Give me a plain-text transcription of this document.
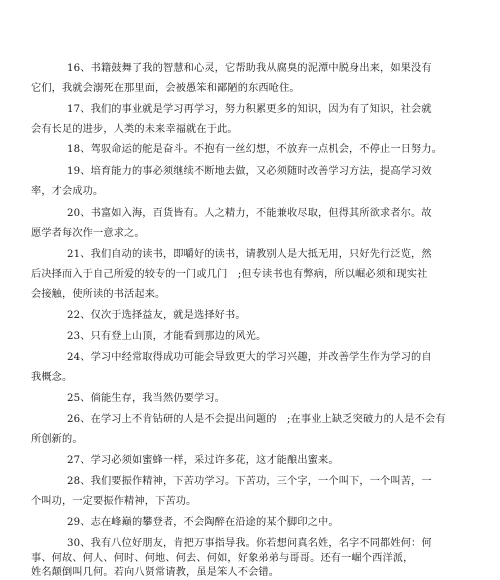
16、书籍鼓舞了我的智慧和心灵，它帮助我从腐臭的泥潭中脱身出来，如果没有
它们，我就会溺死在那里面，会被愚笨和鄙陋的东西呛住。
17、我们的事业就是学习再学习，努力积累更多的知识，因为有了知识，社会就
会有长足的进步，人类的未来幸福就在于此。
18、驾驭命运的舵是奋斗。不抱有一丝幻想，不放弃一点机会，不停止一日努力。
19、培育能力的事必须继续不断地去做，又必须随时改善学习方法，提高学习效
率，才会成功。
20、书富如入海，百货皆有。人之精力，不能兼收尽取，但得其所欲求者尔。故
愿学者每次作一意求之。
21、我们自动的读书，即嚼好的读书，请教别人是大抵无用，只好先行泛览，然
后决择而入于自己所爱的较专的一门或几门　;但专读书也有弊病，所以崛必须和现实社
会接触，使所读的书活起来。
22、仅次于选择益友，就是选择好书。
23、只有登上山顶，才能看到那边的风光。
24、学习中经常取得成功可能会导致更大的学习兴趣，并改善学生作为学习的自
我概念。
25、倘能生存，我当然仍要学习。
26、在学习上不肯钻研的人是不会提出问题的　;在事业上缺乏突破力的人是不会有
所创新的。
27、学习必须如蜜蜂一样，采过许多花，这才能酿出蜜来。
28、我们要振作精神，下苦功学习。下苦功，三个字，一个叫下，一个叫苦，一
个叫功，一定要振作精神，下苦功。
29、志在峰巅的攀登者，不会陶醉在沿途的某个脚印之中。
30、我有八位好朋友，肯把万事指导我。你若想问真名姓，名字不同都姓何：何
事、何故、何人、何时、何地、何去、何如，好象弟弟与哥哥。还有一崛个西洋派，
姓名颠倒叫几何。若向八贤常请教，虽是笨人不会错。
